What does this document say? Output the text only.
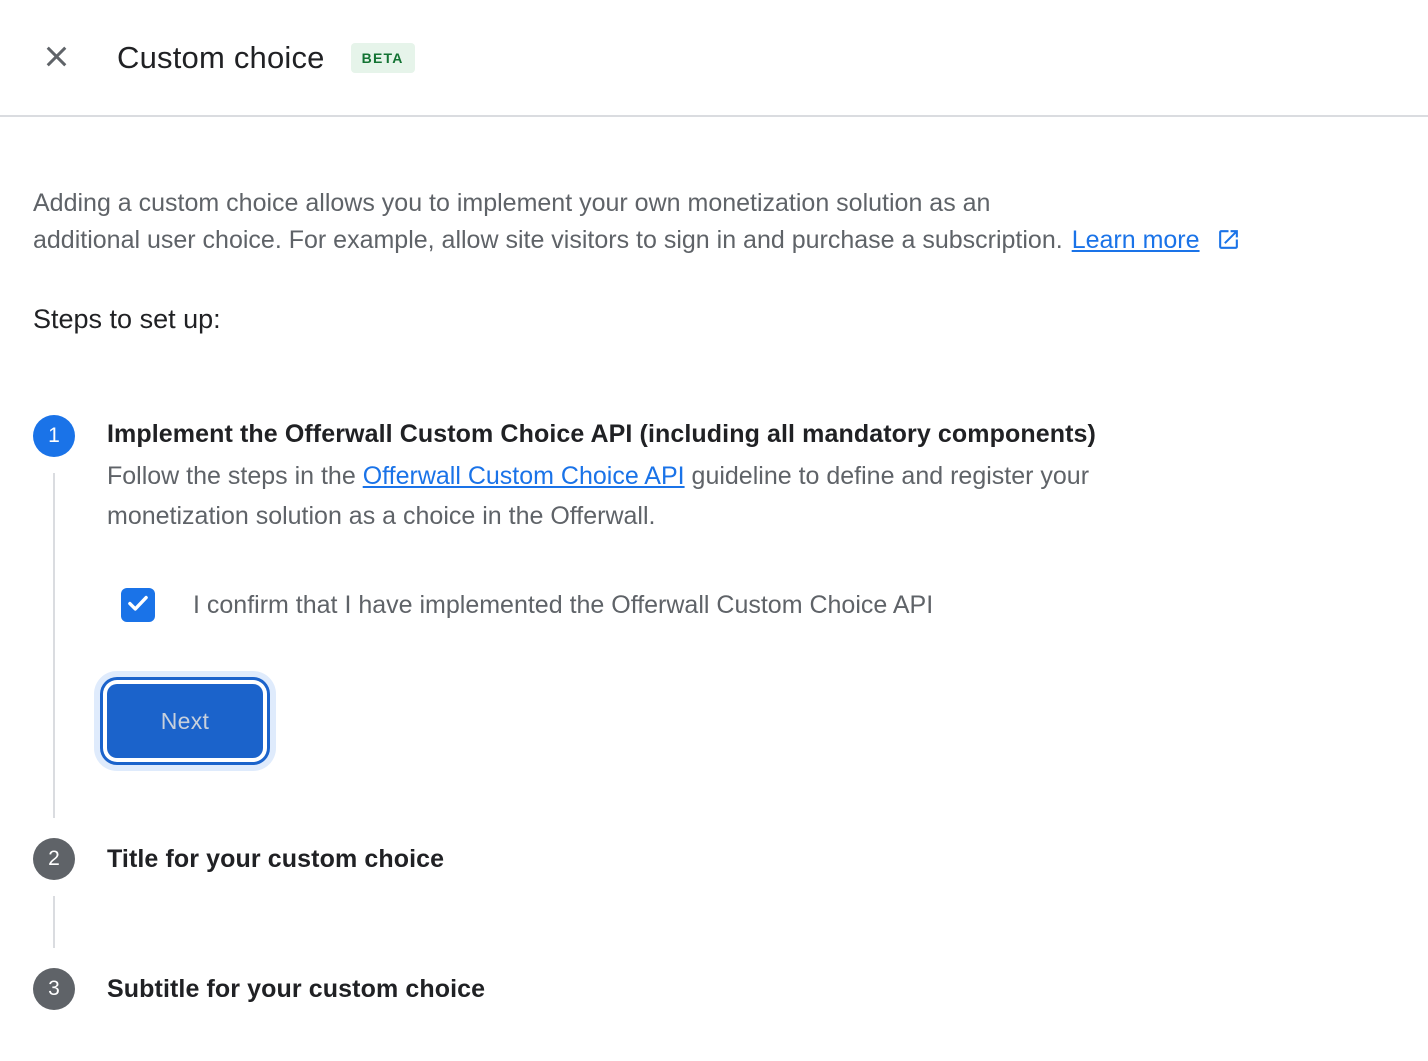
Custom choice	BETA

Adding a custom choice allows you to implement your own monetization solution as an
additional user choice. For example, allow site visitors to sign in and purchase a subscription. Learn more

Steps to set up:
1	Implement the Offerwall Custom Choice API (including all mandatory components)

Follow the steps in the Offerwall Custom Choice API guideline to define and register your monetization solution as a choice in the Offerwall.

I confirm that I have implemented the Offerwall Custom Choice API
Next
2	Title for your custom choice
3	Subtitle for your custom choice
